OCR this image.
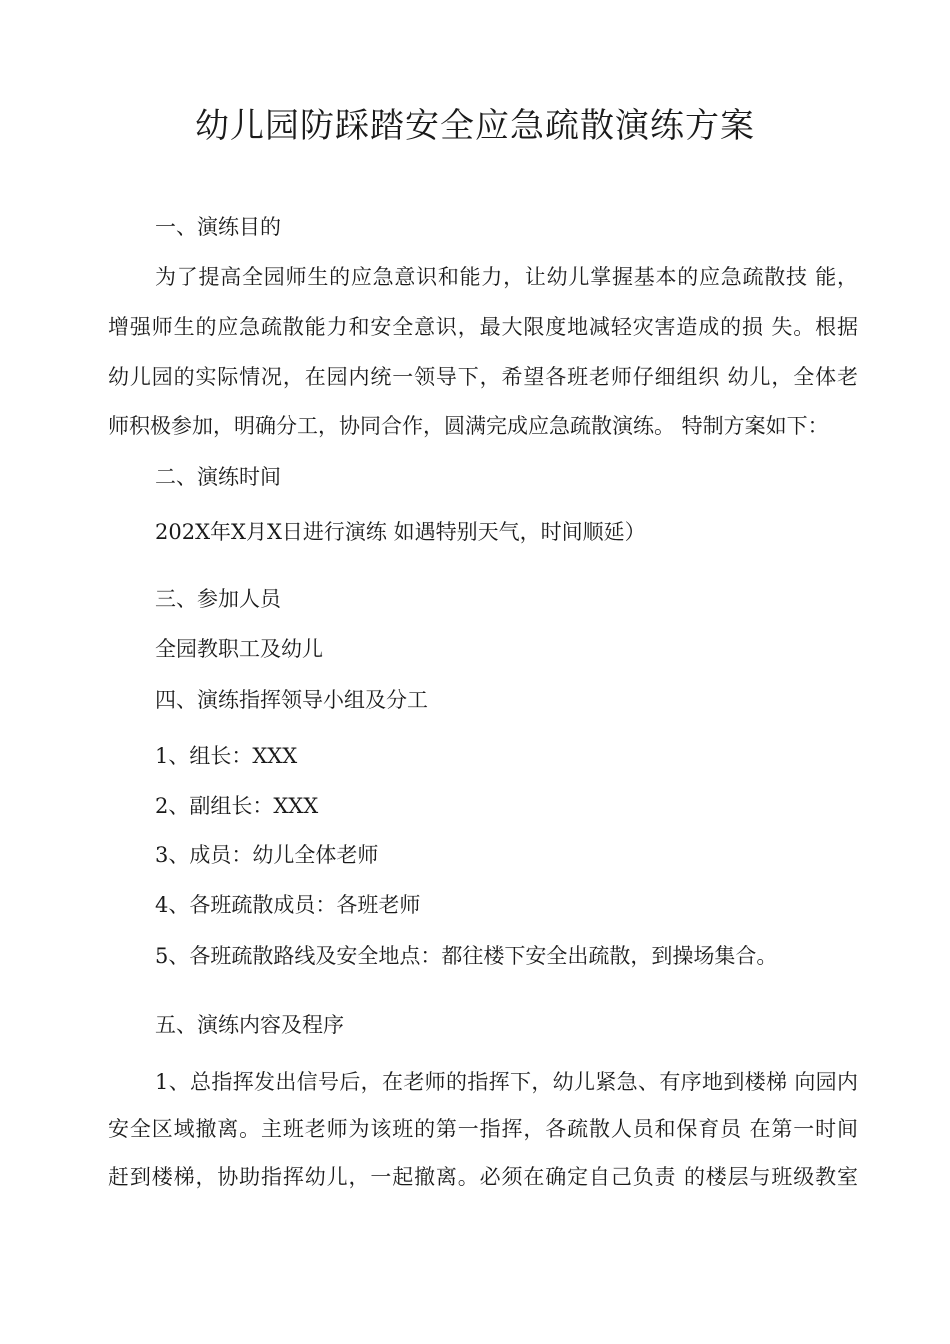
幼儿园防踩踏安全应急疏散演练方案
一、演练目的
为了提高全园师生的应急意识和能力，让幼儿掌握基本的应急疏散技 能，
增强师生的应急疏散能力和安全意识，最大限度地减轻灾害造成的损 失。根据
幼儿园的实际情况，在园内统一领导下，希望各班老师仔细组织 幼儿，全体老
师积极参加，明确分工，协同合作，圆满完成应急疏散演练。 特制方案如下：
二、演练时间
202X年X月X日进行演练 如遇特别天气，时间顺延）
三、参加人员
全园教职工及幼儿
四、演练指挥领导小组及分工
1、组长：XXX
2、副组长：XXX
3、成员：幼儿全体老师
4、各班疏散成员：各班老师
5、各班疏散路线及安全地点：都往楼下安全出疏散，到操场集合。
五、演练内容及程序
1、总指挥发出信号后，在老师的指挥下，幼儿紧急、有序地到楼梯 向园内
安全区域撤离。主班老师为该班的第一指挥，各疏散人员和保育员 在第一时间
赶到楼梯，协助指挥幼儿，一起撤离。必须在确定自己负责 的楼层与班级教室
